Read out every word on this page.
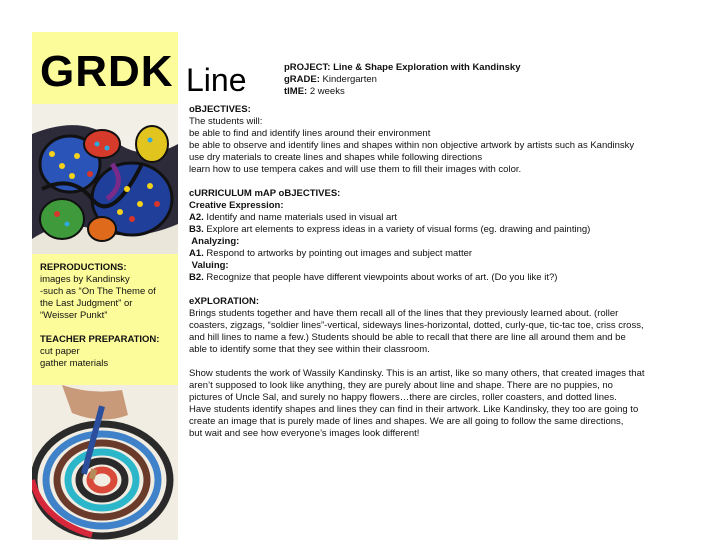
GRDK Line	pROJECT: Line & Shape Exploration with Kandinsky
gRADE: Kindergarten
tIME: 2 weeks
REPRODUCTIONS:
images by Kandinsky
-such as “On The Theme of
the Last Judgment” or
“Weisser Punkt”
TEACHER PREPARATION:
cut paper
gather materials
oBJECTIVES:
The students will:
be able to find and identify lines around their environment
be able to observe and identify lines and shapes within non objective artwork by artists such as Kandinsky
use dry materials to create lines and shapes while following directions
learn how to use tempera cakes and will use them to fill their images with color.
cURRICULUM mAP oBJECTIVES:
Creative Expression:
A2. Identify and name materials used in visual art
B3. Explore art elements to express ideas in a variety of visual forms (eg. drawing and painting)
Analyzing:
A1. Respond to artworks by pointing out images and subject matter
Valuing:
B2. Recognize that people have different viewpoints about works of art. (Do you like it?)
eXPLORATION:
Brings students together and have them recall all of the lines that they previously learned about. (roller
coasters, zigzags, “soldier lines”-vertical, sideways lines-horizontal, dotted, curly-que, tic-tac toe, criss cross,
and hill lines to name a few.) Students should be able to recall that there are line all around them and be
able to identify some that they see within their classroom.
Show students the work of Wassily Kandinsky. This is an artist, like so many others, that created images that
aren’t supposed to look like anything, they are purely about line and shape. There are no puppies, no
pictures of Uncle Sal, and surely no happy flowers…there are circles, roller coasters, and dotted lines.
Have students identify shapes and lines they can find in their artwork. Like Kandinsky, they too are going to
create an image that is purely made of lines and shapes. We are all going to follow the same directions,
but wait and see how everyone’s images look different!
